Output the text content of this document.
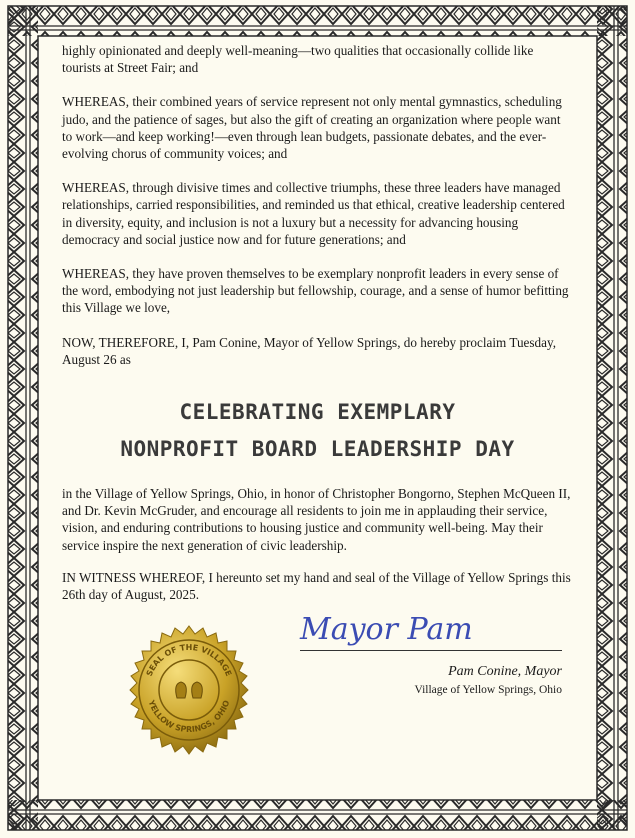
highly opinionated and deeply well-meaning—two qualities that occasionally collide like tourists at Street Fair; and

WHEREAS, their combined years of service represent not only mental gymnastics, scheduling judo, and the patience of sages, but also the gift of creating an organization where people want to work—and keep working!—even through lean budgets, passionate debates, and the ever-evolving chorus of community voices; and

WHEREAS, through divisive times and collective triumphs, these three leaders have managed relationships, carried responsibilities, and reminded us that ethical, creative leadership centered in diversity, equity, and inclusion is not a luxury but a necessity for advancing housing democracy and social justice now and for future generations; and

WHEREAS, they have proven themselves to be exemplary nonprofit leaders in every sense of the word, embodying not just leadership but fellowship, courage, and a sense of humor befitting this Village we love,

NOW, THEREFORE, I, Pam Conine, Mayor of Yellow Springs, do hereby proclaim Tuesday, August 26 as

CELEBRATING EXEMPLARY
NONPROFIT BOARD LEADERSHIP DAY

in the Village of Yellow Springs, Ohio, in honor of Christopher Bongorno, Stephen McQueen II, and Dr. Kevin McGruder, and encourage all residents to join me in applauding their service, vision, and enduring contributions to housing justice and community well-being. May their service inspire the next generation of civic leadership.

IN WITNESS WHEREOF, I hereunto set my hand and seal of the Village of Yellow Springs this 26th day of August, 2025.

SEAL OF THE VILLAGE
YELLOW SPRINGS, OHIO
Mayor Pam
Pam Conine, Mayor
Village of Yellow Springs, Ohio
